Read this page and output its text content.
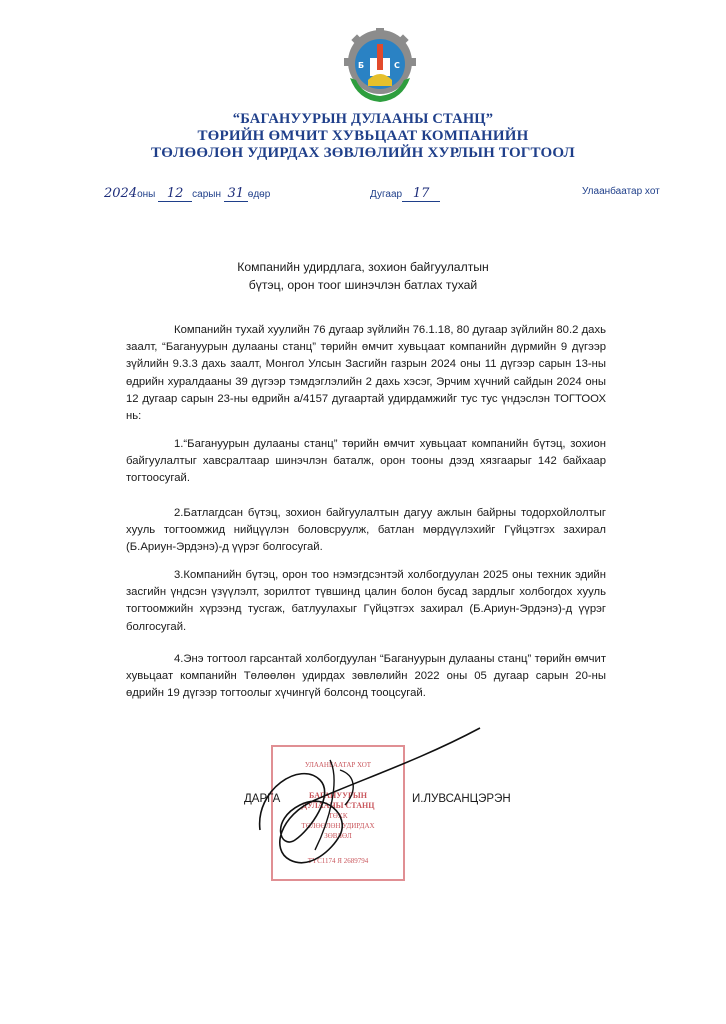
Б	С
“БАГАНУУРЫН ДУЛААНЫ СТАНЦ”
ТӨРИЙН ӨМЧИТ ХУВЬЦААТ КОМПАНИЙН
ТӨЛӨӨЛӨН УДИРДАХ ЗӨВЛӨЛИЙН ХУРЛЫН ТОГТООЛ
2024оны 12 сарын 31 өдөр	Дугаар 17	Улаанбаатар хот
Компанийн удирдлага, зохион байгуулалтын
бүтэц, орон тоог шинэчлэн батлах тухай

Компанийн тухай хуулийн 76 дугаар зүйлийн 76.1.18, 80 дугаар зүйлийн 80.2 дахь заалт, “Багануурын дулааны станц” төрийн өмчит хувьцаат компанийн дүрмийн 9 дүгээр зүйлийн 9.3.3 дахь заалт, Монгол Улсын Засгийн газрын 2024 оны 11 дүгээр сарын 13-ны өдрийн хуралдааны 39 дүгээр тэмдэглэлийн 2 дахь хэсэг, Эрчим хүчний сайдын 2024 оны 12 дугаар сарын 23-ны өдрийн а/4157 дугаартай удирдамжийг тус тус үндэслэн ТОГТООХ нь:

1.“Багануурын дулааны станц” төрийн өмчит хувьцаат компанийн бүтэц, зохион байгуулалтыг хавсралтаар шинэчлэн баталж, орон тооны дээд хязгаарыг 142 байхаар тогтоосугай.

2.Батлагдсан бүтэц, зохион байгуулалтын дагуу ажлын байрны тодорхойлолтыг хууль тогтоомжид нийцүүлэн боловсруулж, батлан мөрдүүлэхийг Гүйцэтгэх захирал (Б.Ариун-Эрдэнэ)-д үүрэг болгосугай.

3.Компанийн бүтэц, орон тоо нэмэгдсэнтэй холбогдуулан 2025 оны техник эдийн засгийн үндсэн үзүүлэлт, зорилтот түвшинд цалин болон бусад зардлыг холбогдох хууль тогтоомжийн хүрээнд тусгаж, батлуулахыг Гүйцэтгэх захирал (Б.Ариун-Эрдэнэ)-д үүрэг болгосугай.

4.Энэ тогтоол гарсантай холбогдуулан “Багануурын дулааны станц” төрийн өмчит хувьцаат компанийн Төлөөлөн удирдах зөвлөлийн 2022 оны 05 дугаар сарын 20-ны өдрийн 19 дүгээр тогтоолыг хүчингүй болсонд тооцсугай.

УЛААНБААТАР ХОТ
БАГАНУУРЫН
ДУЛААНЫ СТАНЦ
ТӨХК
ТӨЛӨӨЛӨН УДИРДАХ
ЗӨВЛӨЛ
ТҮС1174 Я 2689794
ДАРГА	И.ЛУВСАНЦЭРЭН
